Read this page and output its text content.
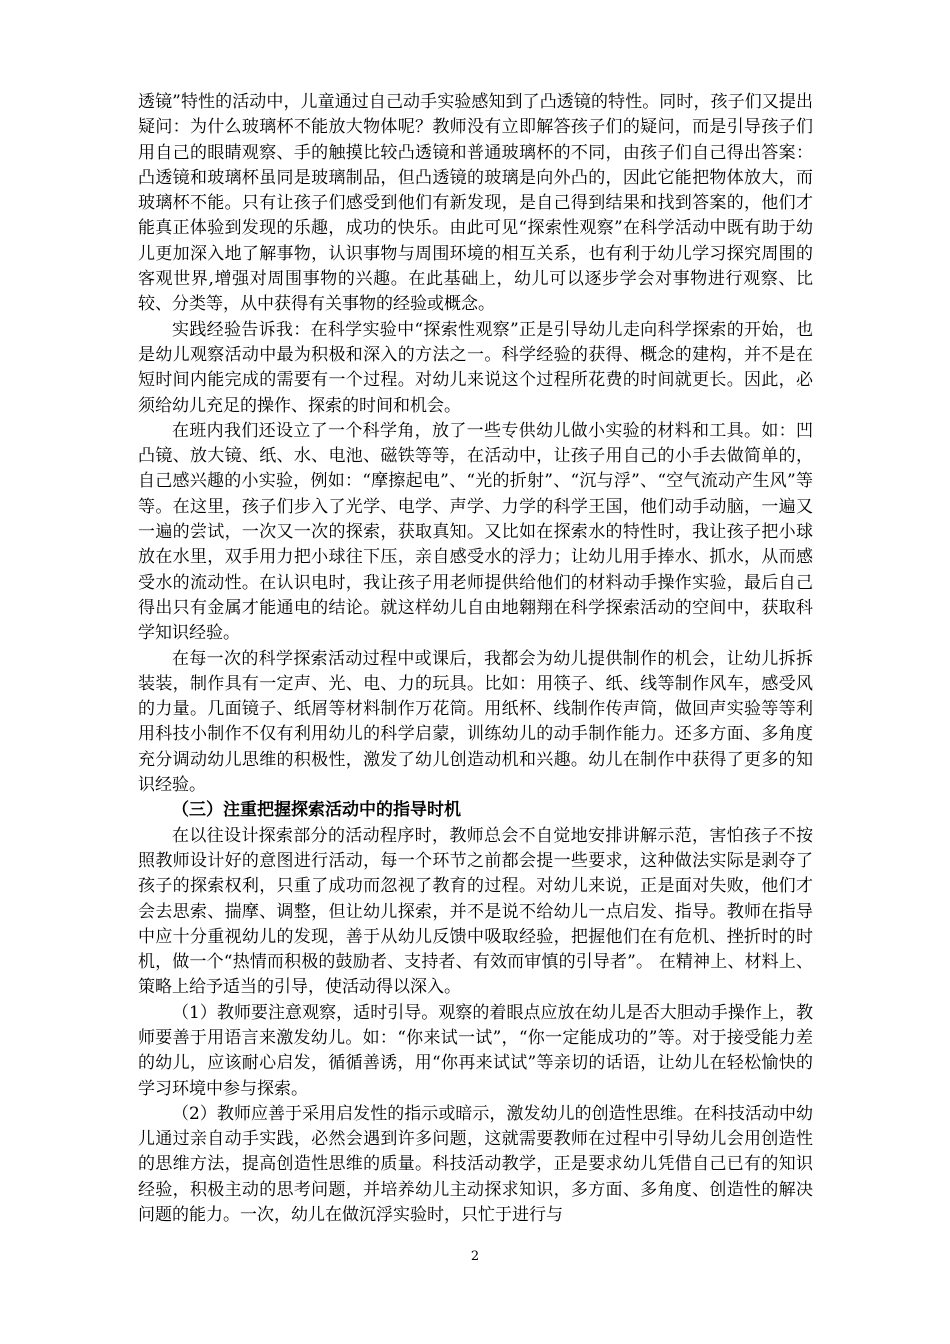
透镜”特性的活动中，儿童通过自己动手实验感知到了凸透镜的特性。同时，孩子们又提出疑问：为什么玻璃杯不能放大物体呢？教师没有立即解答孩子们的疑问，而是引导孩子们用自己的眼睛观察、手的触摸比较凸透镜和普通玻璃杯的不同，由孩子们自己得出答案：凸透镜和玻璃杯虽同是玻璃制品，但凸透镜的玻璃是向外凸的，因此它能把物体放大，而玻璃杯不能。只有让孩子们感受到他们有新发现，是自己得到结果和找到答案的，他们才能真正体验到发现的乐趣，成功的快乐。由此可见“探索性观察”在科学活动中既有助于幼儿更加深入地了解事物，认识事物与周围环境的相互关系，也有利于幼儿学习探究周围的客观世界,增强对周围事物的兴趣。在此基础上，幼儿可以逐步学会对事物进行观察、比较、分类等，从中获得有关事物的经验或概念。

实践经验告诉我：在科学实验中“探索性观察”正是引导幼儿走向科学探索的开始，也是幼儿观察活动中最为积极和深入的方法之一。科学经验的获得、概念的建构，并不是在短时间内能完成的需要有一个过程。对幼儿来说这个过程所花费的时间就更长。因此，必须给幼儿充足的操作、探索的时间和机会。

在班内我们还设立了一个科学角，放了一些专供幼儿做小实验的材料和工具。如：凹凸镜、放大镜、纸、水、电池、磁铁等等，在活动中，让孩子用自己的小手去做简单的，自己感兴趣的小实验，例如：“摩擦起电”、“光的折射”、“沉与浮”、“空气流动产生风”等等。在这里，孩子们步入了光学、电学、声学、力学的科学王国，他们动手动脑，一遍又一遍的尝试，一次又一次的探索，获取真知。又比如在探索水的特性时，我让孩子把小球放在水里，双手用力把小球往下压，亲自感受水的浮力；让幼儿用手捧水、抓水，从而感受水的流动性。在认识电时，我让孩子用老师提供给他们的材料动手操作实验，最后自己得出只有金属才能通电的结论。就这样幼儿自由地翱翔在科学探索活动的空间中，获取科学知识经验。

在每一次的科学探索活动过程中或课后，我都会为幼儿提供制作的机会，让幼儿拆拆装装，制作具有一定声、光、电、力的玩具。比如：用筷子、纸、线等制作风车，感受风的力量。几面镜子、纸屑等材料制作万花筒。用纸杯、线制作传声筒，做回声实验等等利用科技小制作不仅有利用幼儿的科学启蒙，训练幼儿的动手制作能力。还多方面、多角度充分调动幼儿思维的积极性，激发了幼儿创造动机和兴趣。幼儿在制作中获得了更多的知识经验。

（三）注重把握探索活动中的指导时机

在以往设计探索部分的活动程序时，教师总会不自觉地安排讲解示范，害怕孩子不按照教师设计好的意图进行活动，每一个环节之前都会提一些要求，这种做法实际是剥夺了孩子的探索权利，只重了成功而忽视了教育的过程。对幼儿来说，正是面对失败，他们才会去思索、揣摩、调整，但让幼儿探索，并不是说不给幼儿一点启发、指导。教师在指导中应十分重视幼儿的发现，善于从幼儿反馈中吸取经验，把握他们在有危机、挫折时的时机，做一个“热情而积极的鼓励者、支持者、有效而审慎的引导者”。 在精神上、材料上、策略上给予适当的引导，使活动得以深入。

（1）教师要注意观察，适时引导。观察的着眼点应放在幼儿是否大胆动手操作上，教师要善于用语言来激发幼儿。如：“你来试一试”，“你一定能成功的”等。对于接受能力差的幼儿，应该耐心启发，循循善诱，用“你再来试试”等亲切的话语，让幼儿在轻松愉快的学习环境中参与探索。

（2）教师应善于采用启发性的指示或暗示，激发幼儿的创造性思维。在科技活动中幼儿通过亲自动手实践，必然会遇到许多问题，这就需要教师在过程中引导幼儿会用创造性的思维方法，提高创造性思维的质量。科技活动教学，正是要求幼儿凭借自己已有的知识经验，积极主动的思考问题，并培养幼儿主动探求知识，多方面、多角度、创造性的解决问题的能力。一次，幼儿在做沉浮实验时，只忙于进行与

2
